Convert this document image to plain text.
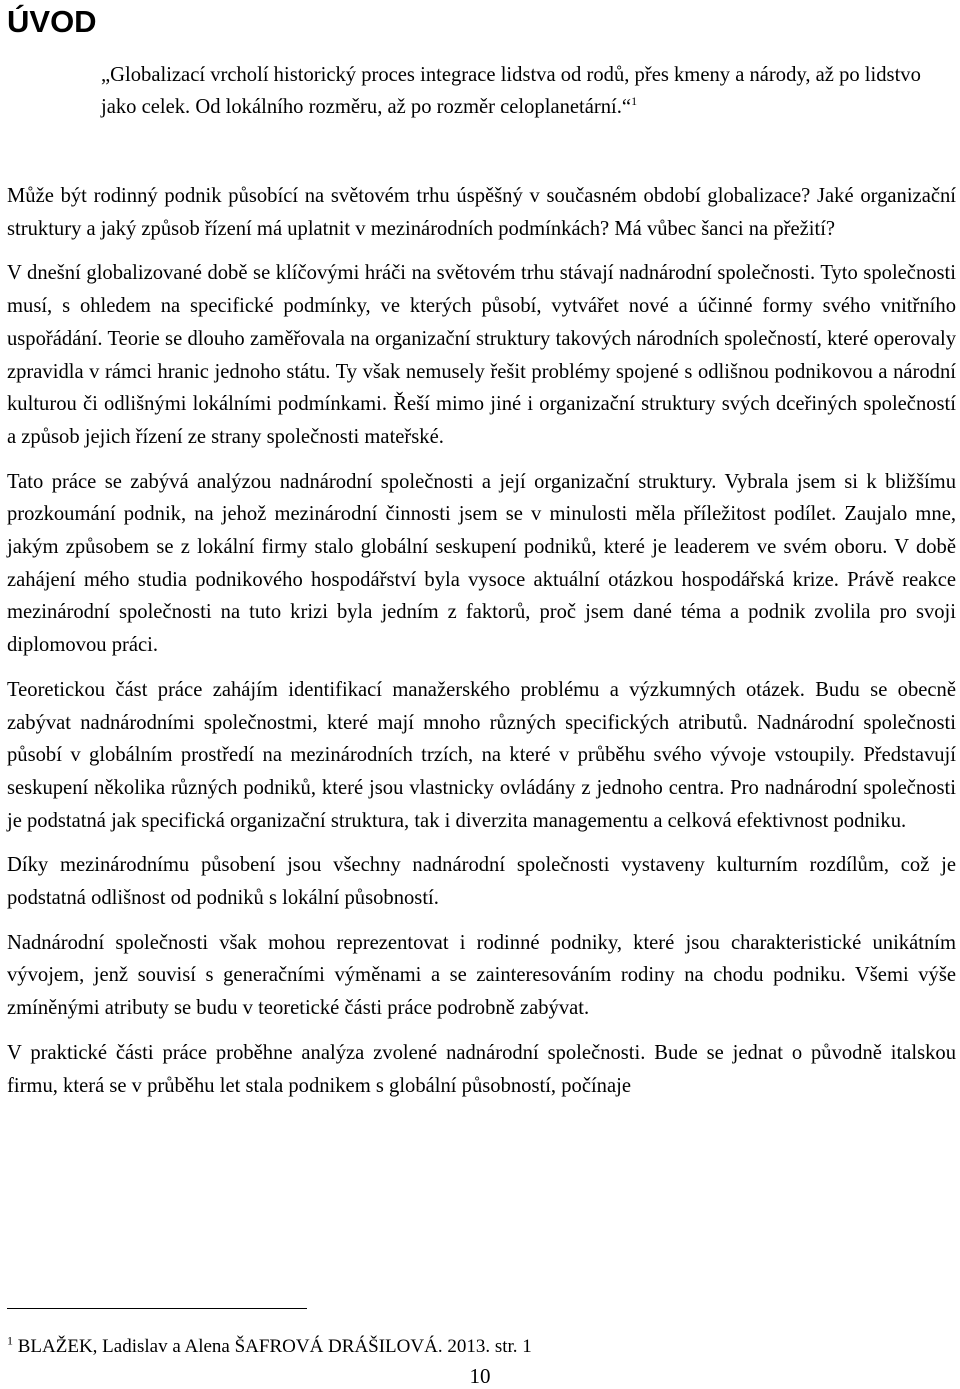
ÚVOD

„Globalizací vrcholí historický proces integrace lidstva od rodů, přes kmeny a národy, až po lidstvo jako celek. Od lokálního rozměru, až po rozměr celoplanetární.“$^1$

Může být rodinný podnik působící na světovém trhu úspěšný v současném období globalizace? Jaké organizační struktury a jaký způsob řízení má uplatnit v mezinárodních podmínkách? Má vůbec šanci na přežití?

V dnešní globalizované době se klíčovými hráči na světovém trhu stávají nadnárodní společnosti. Tyto společnosti musí, s ohledem na specifické podmínky, ve kterých působí, vytvářet nové a účinné formy svého vnitřního uspořádání. Teorie se dlouho zaměřovala na organizační struktury takových národních společností, které operovaly zpravidla v rámci hranic jednoho státu. Ty však nemusely řešit problémy spojené s odlišnou podnikovou a národní kulturou či odlišnými lokálními podmínkami. Řeší mimo jiné i organizační struktury svých dceřiných společností a způsob jejich řízení ze strany společnosti mateřské.

Tato práce se zabývá analýzou nadnárodní společnosti a její organizační struktury. Vybrala jsem si k bližšímu prozkoumání podnik, na jehož mezinárodní činnosti jsem se v minulosti měla příležitost podílet. Zaujalo mne, jakým způsobem se z lokální firmy stalo globální seskupení podniků, které je leaderem ve svém oboru. V době zahájení mého studia podnikového hospodářství byla vysoce aktuální otázkou hospodářská krize. Právě reakce mezinárodní společnosti na tuto krizi byla jedním z faktorů, proč jsem dané téma a podnik zvolila pro svoji diplomovou práci.

Teoretickou část práce zahájím identifikací manažerského problému a výzkumných otázek. Budu se obecně zabývat nadnárodními společnostmi, které mají mnoho různých specifických atributů. Nadnárodní společnosti působí v globálním prostředí na mezinárodních trzích, na které v průběhu svého vývoje vstoupily. Představují seskupení několika různých podniků, které jsou vlastnicky ovládány z jednoho centra. Pro nadnárodní společnosti je podstatná jak specifická organizační struktura, tak i diverzita managementu a celková efektivnost podniku.

Díky mezinárodnímu působení jsou všechny nadnárodní společnosti vystaveny kulturním rozdílům, což je podstatná odlišnost od podniků s lokální působností.

Nadnárodní společnosti však mohou reprezentovat i rodinné podniky, které jsou charakteristické unikátním vývojem, jenž souvisí s generačními výměnami a se zainteresováním rodiny na chodu podniku. Všemi výše zmíněnými atributy se budu v teoretické části práce podrobně zabývat.

V praktické části práce proběhne analýza zvolené nadnárodní společnosti. Bude se jednat o původně italskou firmu, která se v průběhu let stala podnikem s globální působností, počínaje

$^1$ BLAŽEK, Ladislav a Alena ŠAFROVÁ DRÁŠILOVÁ. 2013. str. 1

10
